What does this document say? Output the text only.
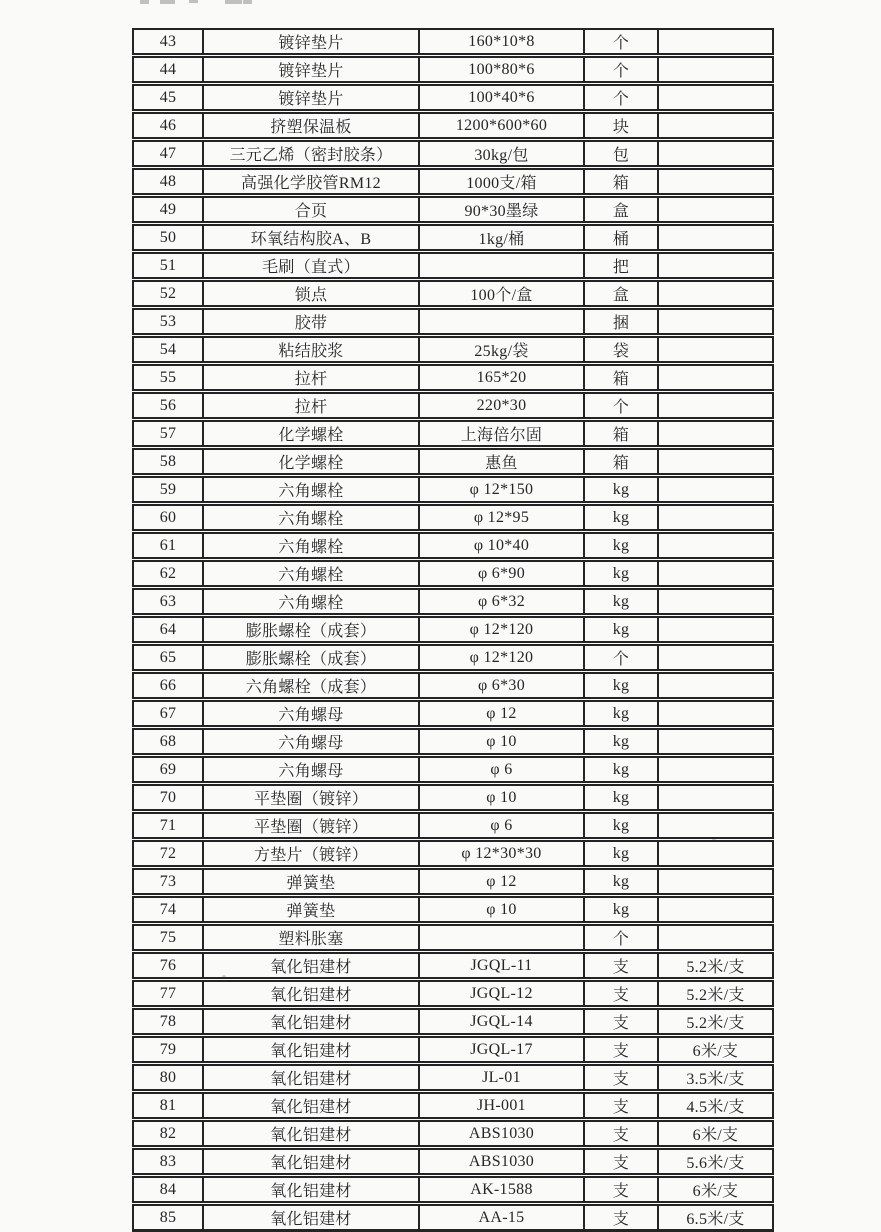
43	镀锌垫片	160*10*8	个	
44	镀锌垫片	100*80*6	个	
45	镀锌垫片	100*40*6	个	
46	挤塑保温板	1200*600*60	块	
47	三元乙烯（密封胶条）	30kg/包	包	
48	高强化学胶管RM12	1000支/箱	箱	
49	合页	90*30墨绿	盒	
50	环氧结构胶A、B	1kg/桶	桶	
51	毛刷（直式）		把	
52	锁点	100个/盒	盒	
53	胶带		捆	
54	粘结胶浆	25kg/袋	袋	
55	拉杆	165*20	箱	
56	拉杆	220*30	个	
57	化学螺栓	上海倍尔固	箱	
58	化学螺栓	惠鱼	箱	
59	六角螺栓	φ 12*150	kg	
60	六角螺栓	φ 12*95	kg	
61	六角螺栓	φ 10*40	kg	
62	六角螺栓	φ 6*90	kg	
63	六角螺栓	φ 6*32	kg	
64	膨胀螺栓（成套）	φ 12*120	kg	
65	膨胀螺栓（成套）	φ 12*120	个	
66	六角螺栓（成套）	φ 6*30	kg	
67	六角螺母	φ 12	kg	
68	六角螺母	φ 10	kg	
69	六角螺母	φ 6	kg	
70	平垫圈（镀锌）	φ 10	kg	
71	平垫圈（镀锌）	φ 6	kg	
72	方垫片（镀锌）	φ 12*30*30	kg	
73	弹簧垫	φ 12	kg	
74	弹簧垫	φ 10	kg	
75	塑料胀塞		个	
76	氧化铝建材	JGQL-11	支	5.2米/支
77	氧化铝建材	JGQL-12	支	5.2米/支
78	氧化铝建材	JGQL-14	支	5.2米/支
79	氧化铝建材	JGQL-17	支	6米/支
80	氧化铝建材	JL-01	支	3.5米/支
81	氧化铝建材	JH-001	支	4.5米/支
82	氧化铝建材	ABS1030	支	6米/支
83	氧化铝建材	ABS1030	支	5.6米/支
84	氧化铝建材	AK-1588	支	6米/支
85	氧化铝建材	AA-15	支	6.5米/支
